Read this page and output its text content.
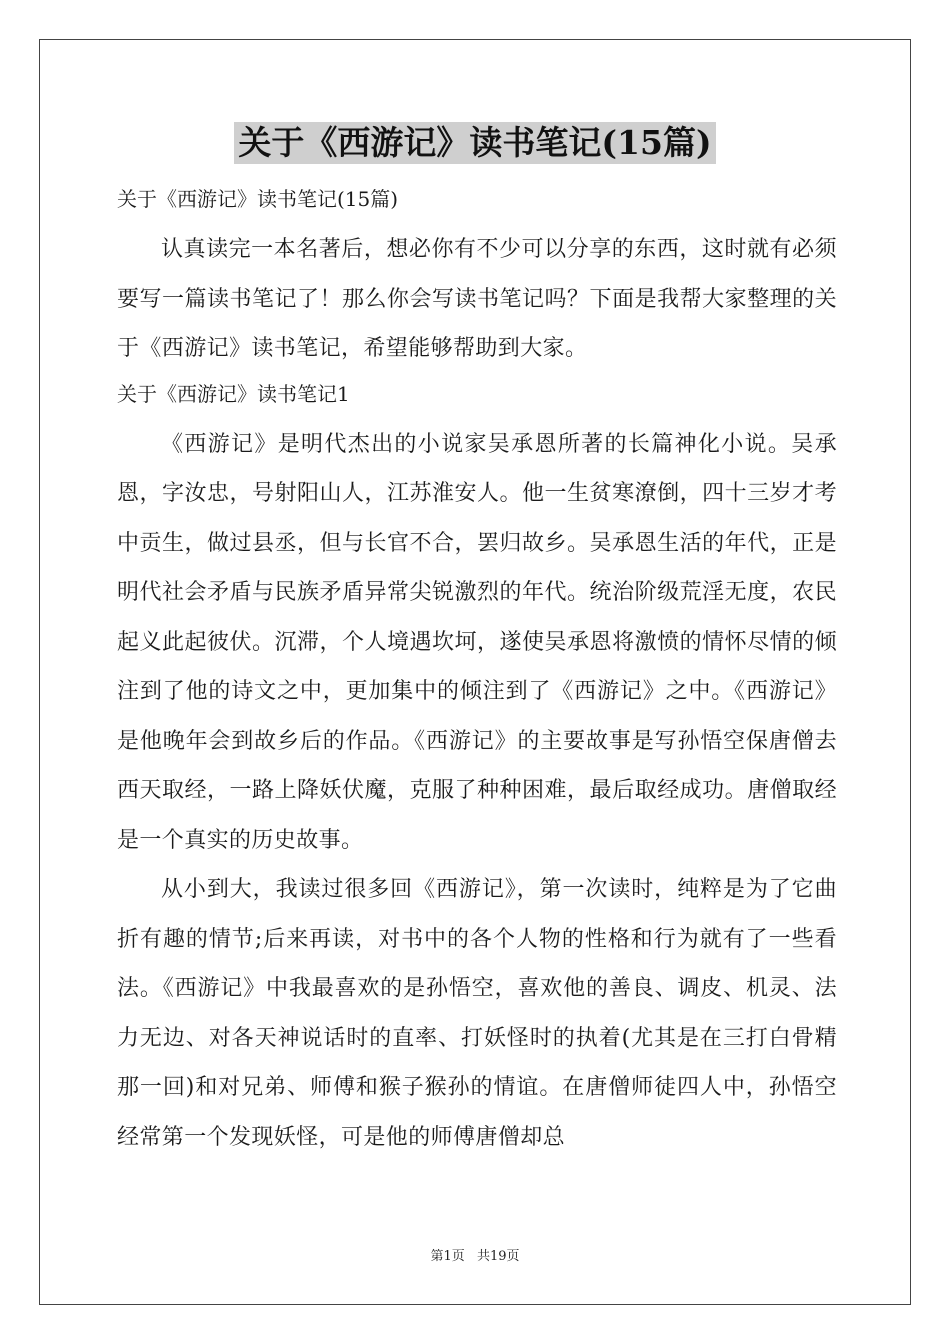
关于《西游记》读书笔记(15篇)

关于《西游记》读书笔记(15篇)

认真读完一本名著后，想必你有不少可以分享的东西，这时就有必须要写一篇读书笔记了！那么你会写读书笔记吗？下面是我帮大家整理的关于《西游记》读书笔记，希望能够帮助到大家。

关于《西游记》读书笔记1

《西游记》是明代杰出的小说家吴承恩所著的长篇神化小说。吴承恩，字汝忠，号射阳山人，江苏淮安人。他一生贫寒潦倒，四十三岁才考中贡生，做过县丞，但与长官不合，罢归故乡。吴承恩生活的年代，正是明代社会矛盾与民族矛盾异常尖锐激烈的年代。统治阶级荒淫无度，农民起义此起彼伏。沉滞，个人境遇坎坷，遂使吴承恩将激愤的情怀尽情的倾注到了他的诗文之中，更加集中的倾注到了《西游记》之中。《西游记》是他晚年会到故乡后的作品。《西游记》的主要故事是写孙悟空保唐僧去西天取经，一路上降妖伏魔，克服了种种困难，最后取经成功。唐僧取经是一个真实的历史故事。

从小到大，我读过很多回《西游记》，第一次读时，纯粹是为了它曲折有趣的情节;后来再读，对书中的各个人物的性格和行为就有了一些看法。《西游记》中我最喜欢的是孙悟空，喜欢他的善良、调皮、机灵、法力无边、对各天神说话时的直率、打妖怪时的执着(尤其是在三打白骨精那一回)和对兄弟、师傅和猴子猴孙的情谊。在唐僧师徒四人中，孙悟空经常第一个发现妖怪，可是他的师傅唐僧却总

第1页 共19页
